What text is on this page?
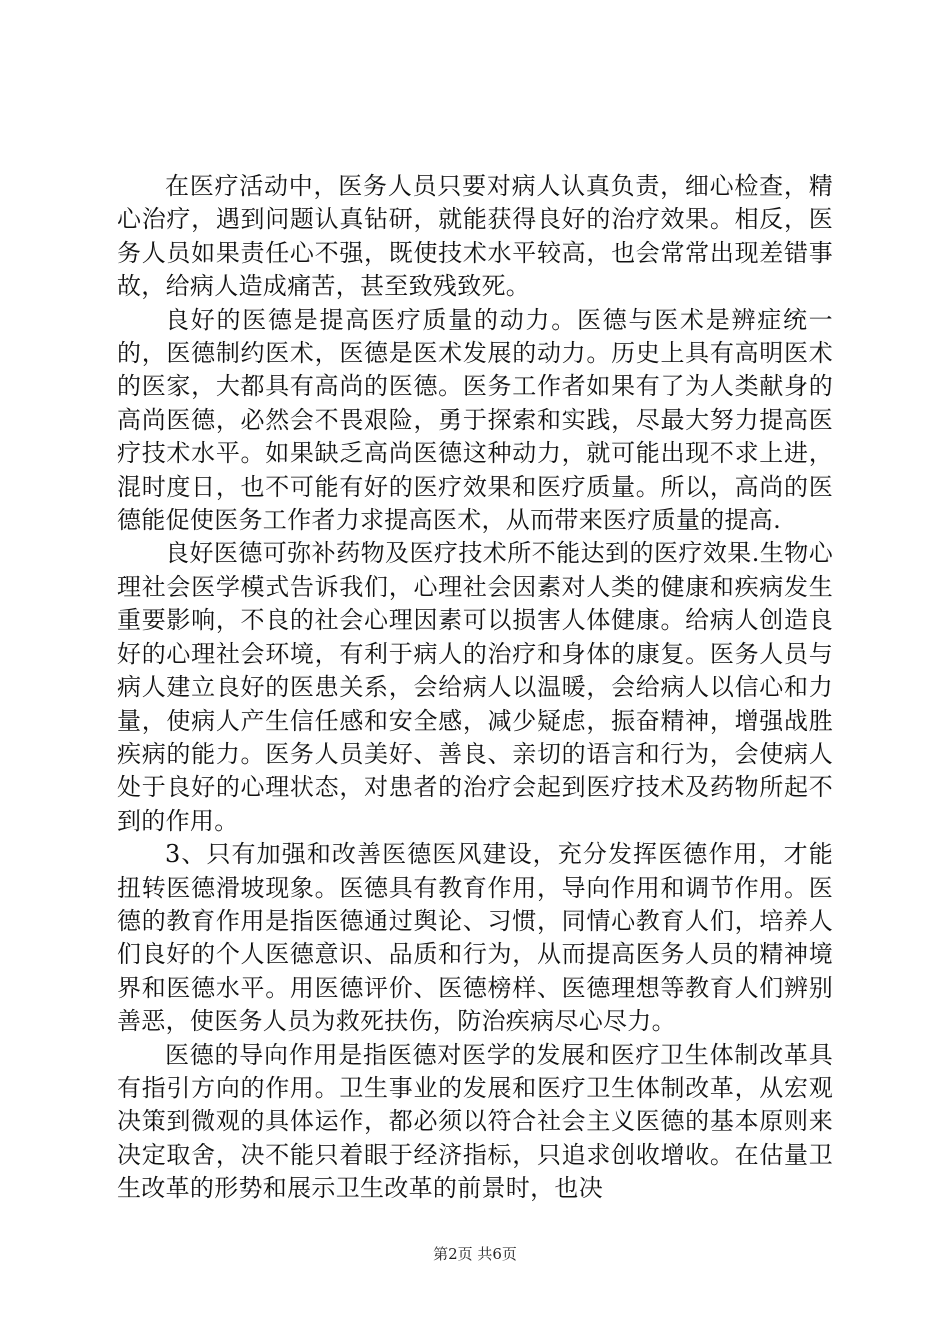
在医疗活动中，医务人员只要对病人认真负责，细心检查，精心治疗，遇到问题认真钻研，就能获得良好的治疗效果。相反，医务人员如果责任心不强，既使技术水平较高，也会常常出现差错事故，给病人造成痛苦，甚至致残致死。

良好的医德是提高医疗质量的动力。医德与医术是辨症统一的，医德制约医术，医德是医术发展的动力。历史上具有高明医术的医家，大都具有高尚的医德。医务工作者如果有了为人类献身的高尚医德，必然会不畏艰险，勇于探索和实践，尽最大努力提高医疗技术水平。如果缺乏高尚医德这种动力，就可能出现不求上进，混时度日，也不可能有好的医疗效果和医疗质量。所以，高尚的医德能促使医务工作者力求提高医术，从而带来医疗质量的提高.

良好医德可弥补药物及医疗技术所不能达到的医疗效果.生物心理社会医学模式告诉我们，心理社会因素对人类的健康和疾病发生重要影响，不良的社会心理因素可以损害人体健康。给病人创造良好的心理社会环境，有利于病人的治疗和身体的康复。医务人员与病人建立良好的医患关系，会给病人以温暖，会给病人以信心和力量，使病人产生信任感和安全感，减少疑虑，振奋精神，增强战胜疾病的能力。医务人员美好、善良、亲切的语言和行为，会使病人处于良好的心理状态，对患者的治疗会起到医疗技术及药物所起不到的作用。

3、只有加强和改善医德医风建设，充分发挥医德作用，才能扭转医德滑坡现象。医德具有教育作用，导向作用和调节作用。医德的教育作用是指医德通过舆论、习惯，同情心教育人们，培养人们良好的个人医德意识、品质和行为，从而提高医务人员的精神境界和医德水平。用医德评价、医德榜样、医德理想等教育人们辨别善恶，使医务人员为救死扶伤，防治疾病尽心尽力。

医德的导向作用是指医德对医学的发展和医疗卫生体制改革具有指引方向的作用。卫生事业的发展和医疗卫生体制改革，从宏观决策到微观的具体运作，都必须以符合社会主义医德的基本原则来决定取舍，决不能只着眼于经济指标，只追求创收增收。在估量卫生改革的形势和展示卫生改革的前景时，也决

第2页 共6页
